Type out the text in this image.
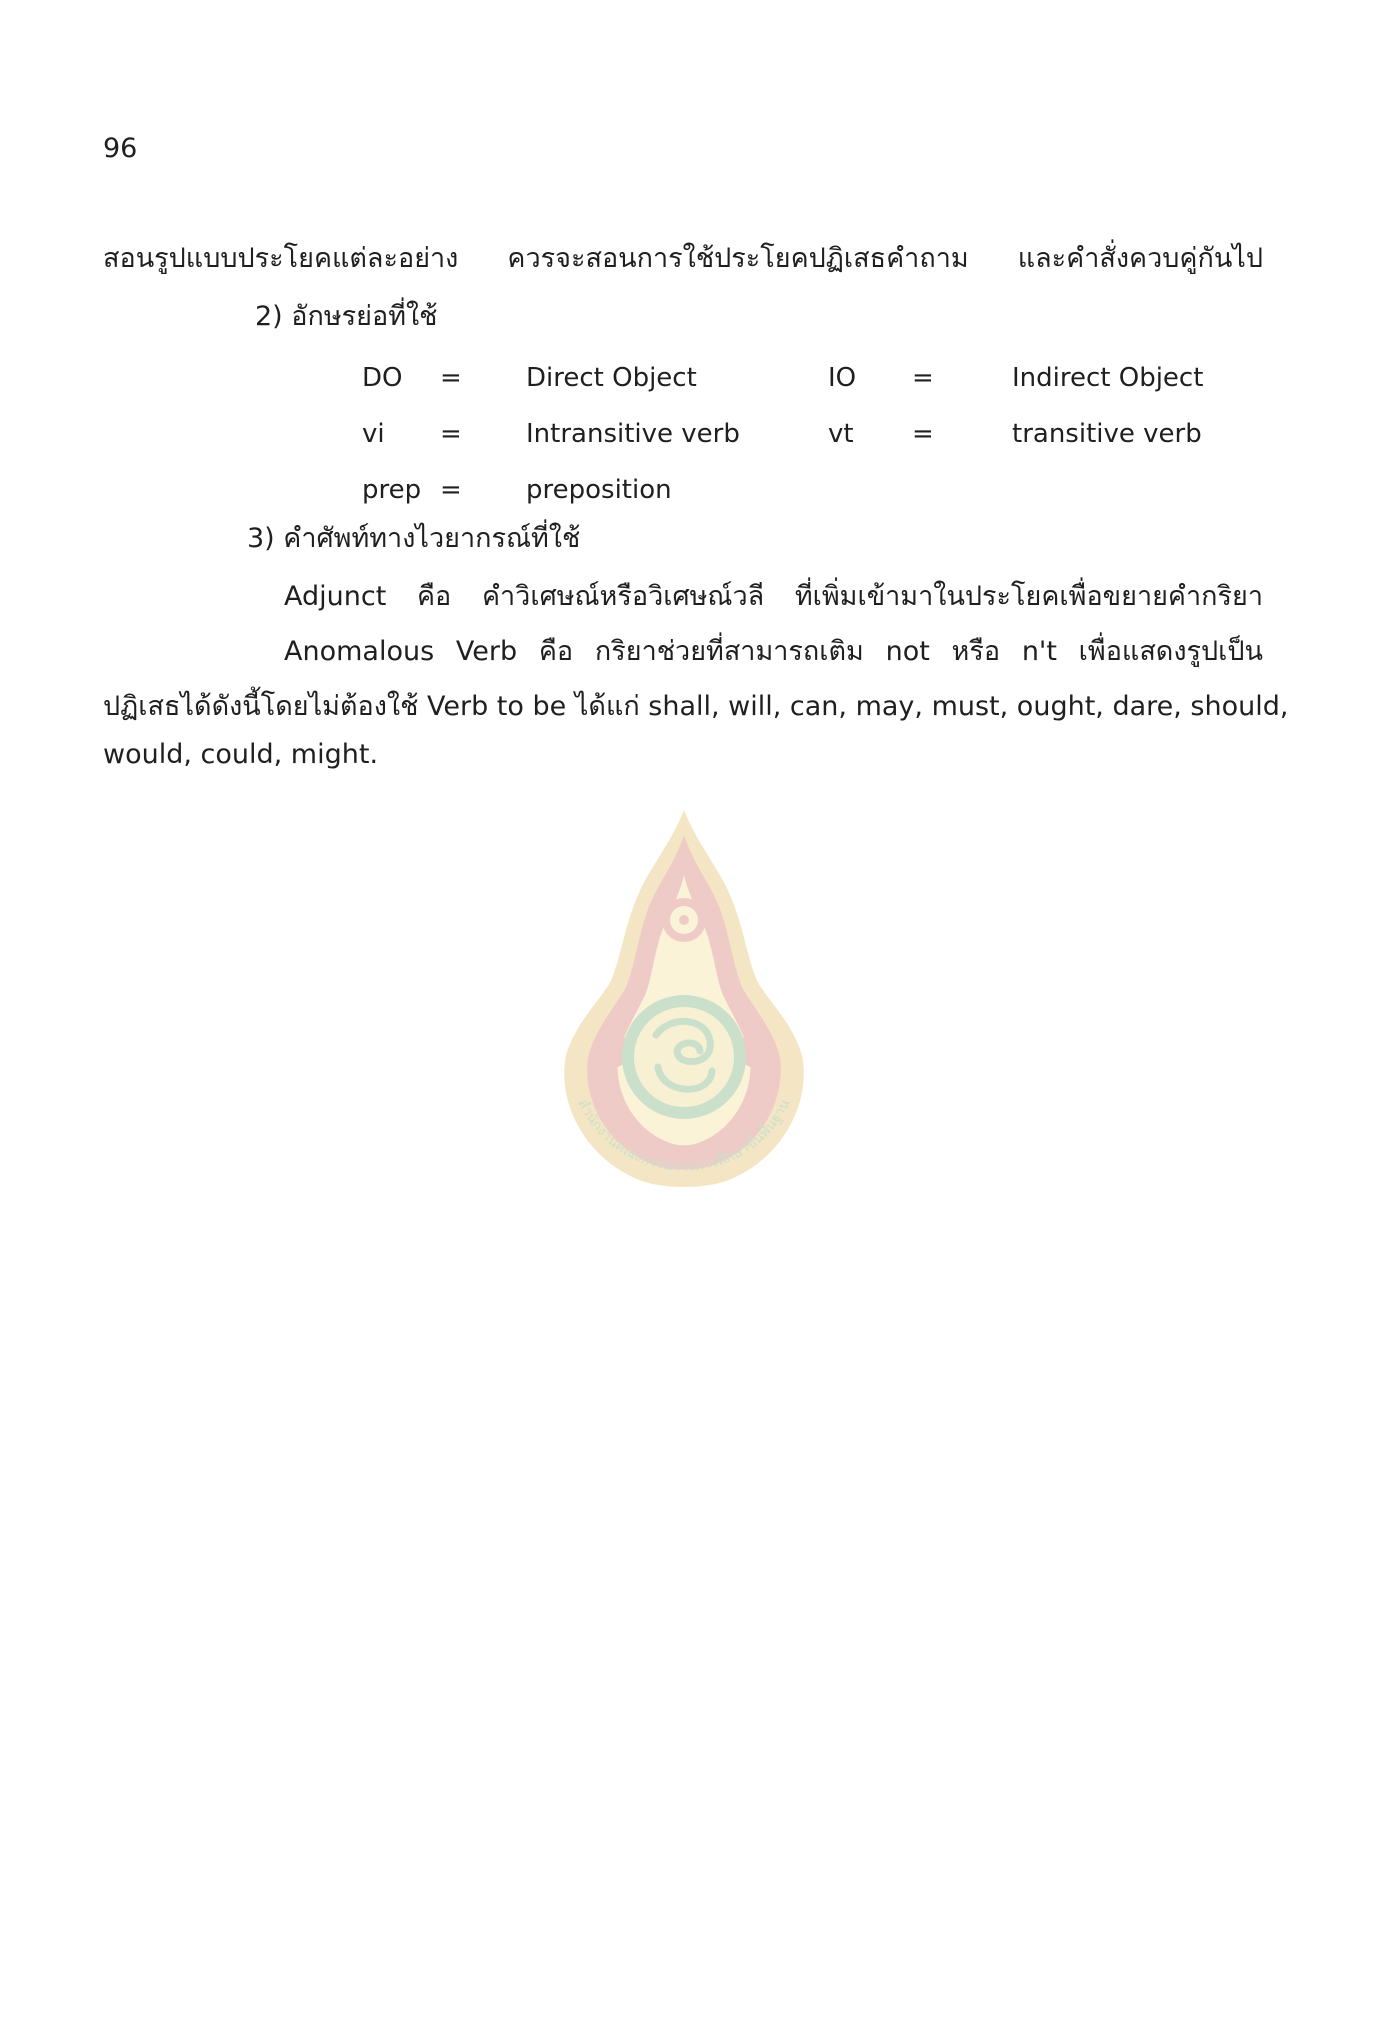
96
สอนรูปแบบประโยคแต่ละอย่าง ควรจะสอนการใช้ประโยคปฏิเสธคำถาม และคำสั่งควบคู่กันไป
2) อักษรย่อที่ใช้
DO	=	Direct Object	IO	=	Indirect Object
vi	=	Intransitive verb	vt	=	transitive verb
prep	=	preposition			
3) คำศัพท์ทางไวยากรณ์ที่ใช้
Adjunct คือ คำวิเศษณ์หรือวิเศษณ์วลี ที่เพิ่มเข้ามาในประโยคเพื่อขยายคำกริยา
Anomalous Verb คือ กริยาช่วยที่สามารถเติม not หรือ n't เพื่อแสดงรูปเป็น
ปฏิเสธได้ดังนี้โดยไม่ต้องใช้ Verb to be ได้แก่ shall, will, can, may, must, ought, dare, should,
would, could, might.
สำนักงานคณะกรรมการการศึกษาขั้นพื้นฐาน
